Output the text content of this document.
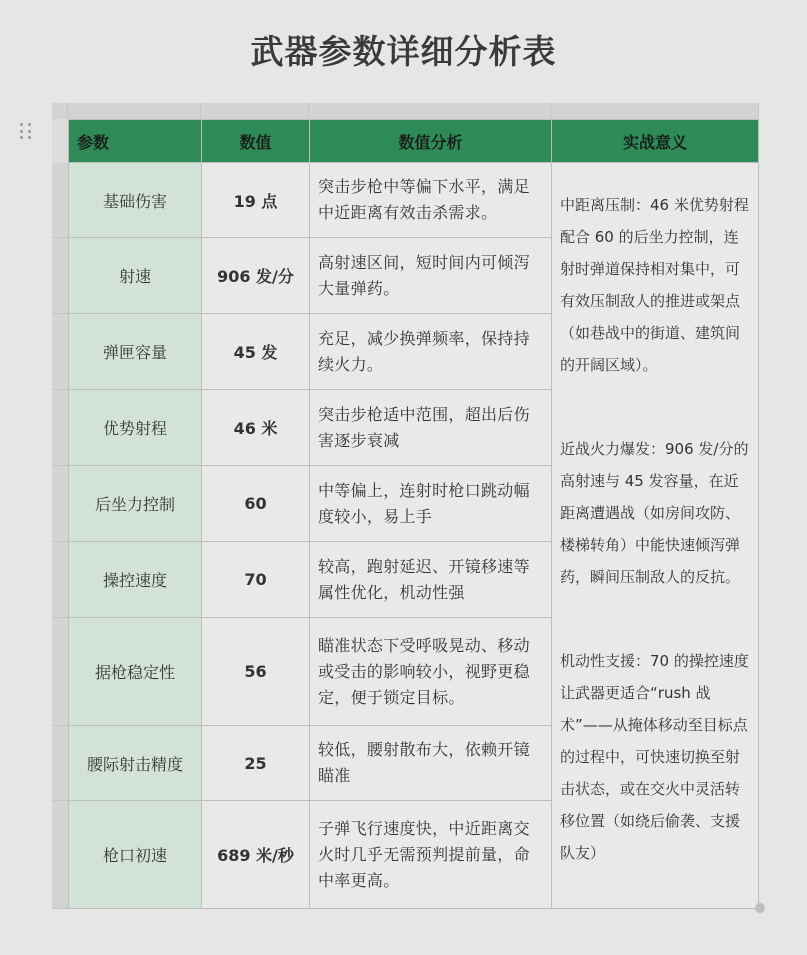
武器参数详细分析表
参数	数值	数值分析	实战意义
基础伤害	19 点	突击步枪中等偏下水平，满足中近距离有效击杀需求。	中距离压制：46 米优势射程配合 60 的后坐力控制，连射时弹道保持相对集中，可有效压制敌人的推进或架点（如巷战中的街道、建筑间的开阔区域）。

近战火力爆发：906 发/分的高射速与 45 发容量，在近距离遭遇战（如房间攻防、楼梯转角）中能快速倾泻弹药，瞬间压制敌人的反抗。

机动性支援：70 的操控速度让武器更适合“rush 战术”——从掩体移动至目标点的过程中，可快速切换至射击状态，或在交火中灵活转移位置（如绕后偷袭、支援队友）

射速	906 发/分	高射速区间，短时间内可倾泻大量弹药。	
弹匣容量	45 发	充足，减少换弹频率，保持持续火力。	
优势射程	46 米	突击步枪适中范围，超出后伤害逐步衰减	
后坐力控制	60	中等偏上，连射时枪口跳动幅度较小，易上手	
操控速度	70	较高，跑射延迟、开镜移速等属性优化，机动性强	
据枪稳定性	56	瞄准状态下受呼吸晃动、移动或受击的影响较小，视野更稳定，便于锁定目标。	
腰际射击精度	25	较低，腰射散布大，依赖开镜瞄准	
枪口初速	689 米/秒	子弹飞行速度快，中近距离交火时几乎无需预判提前量，命中率更高。	
